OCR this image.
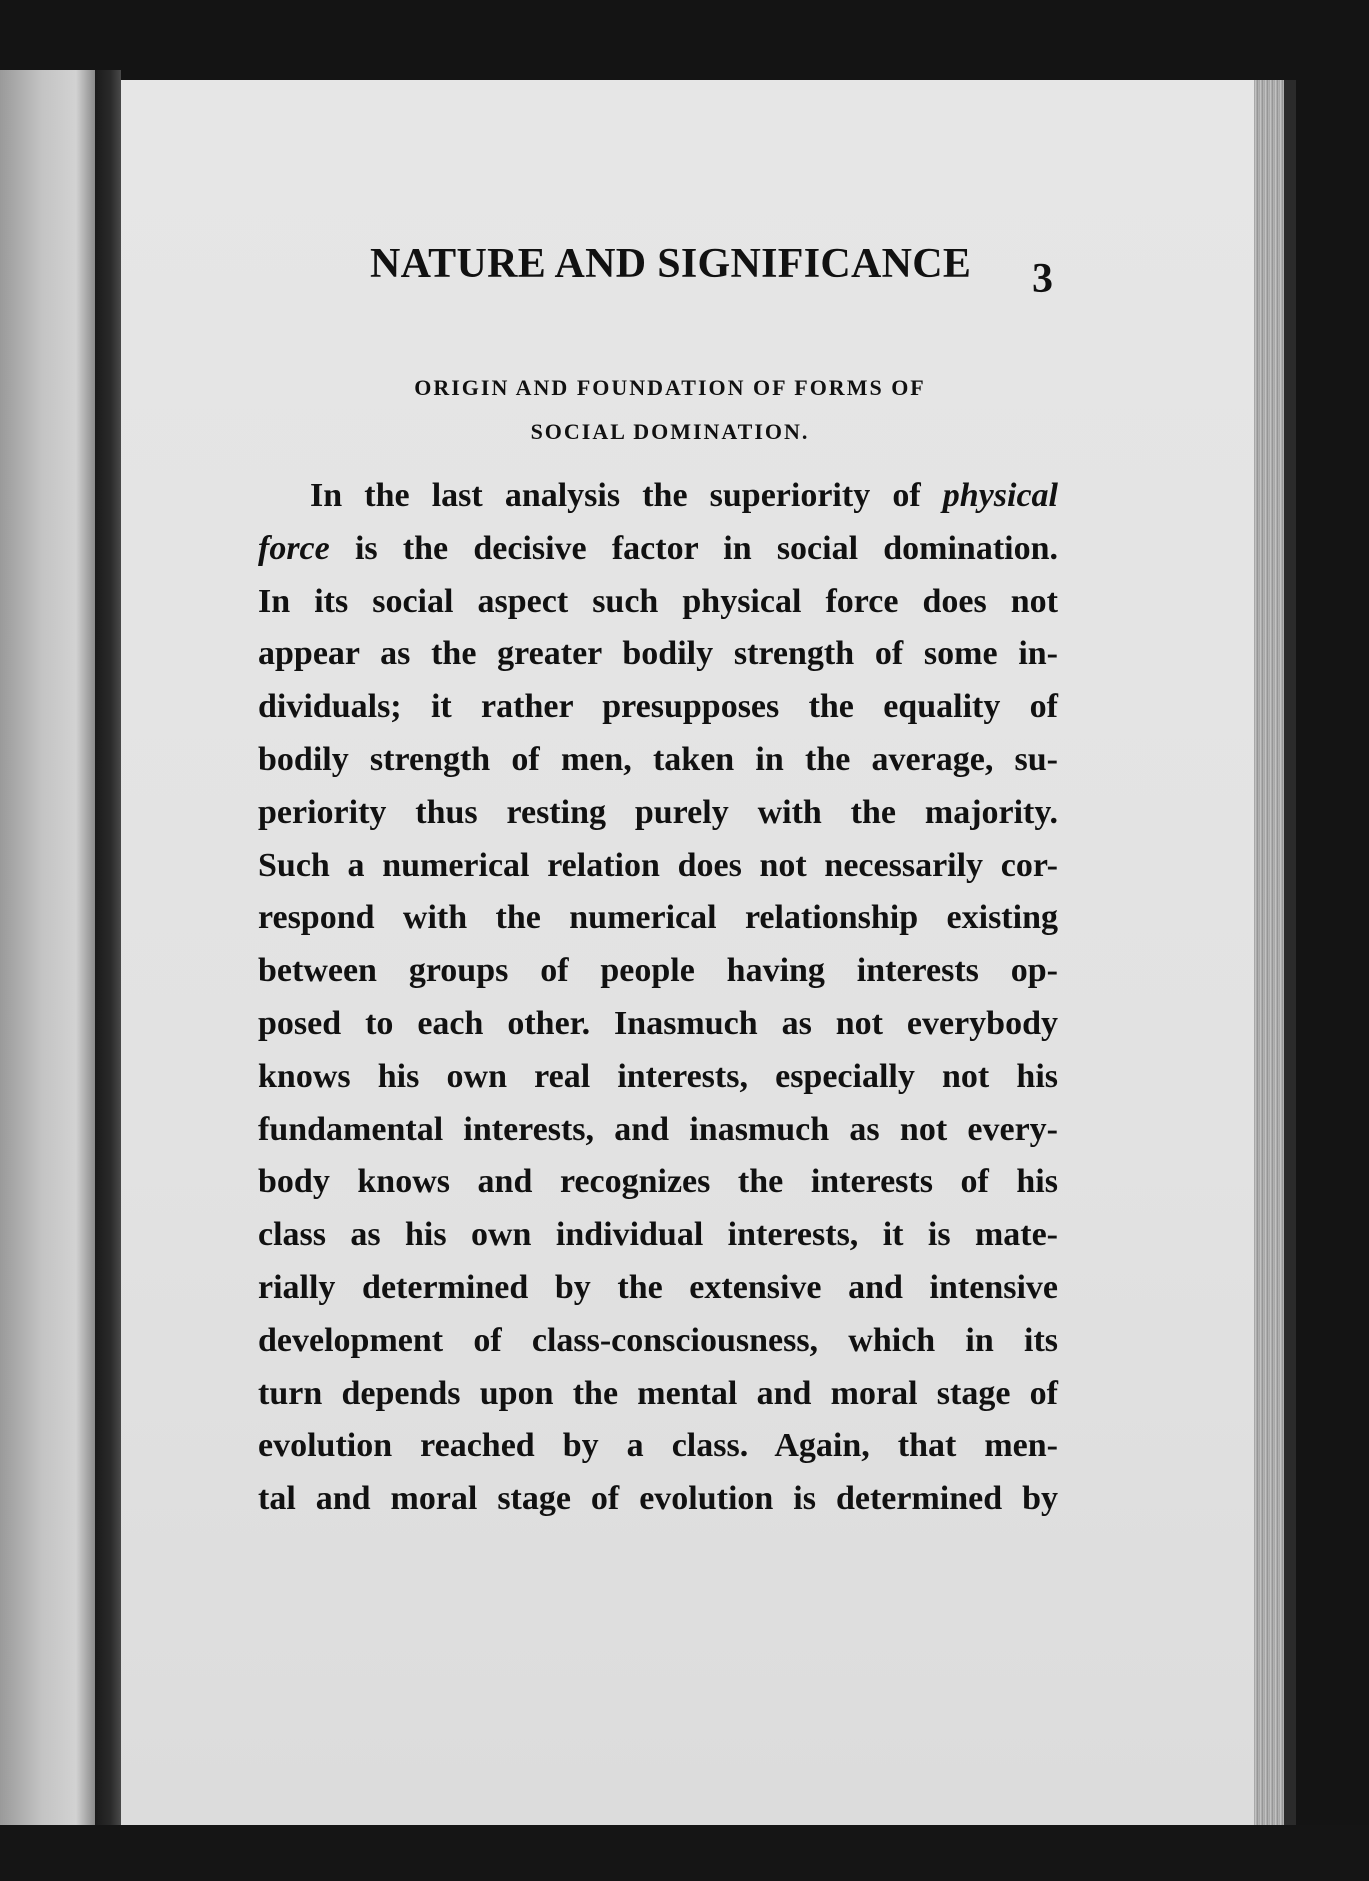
NATURE AND SIGNIFICANCE 3
ORIGIN AND FOUNDATION OF FORMS OF
SOCIAL DOMINATION.
In the last analysis the superiority of physical
force is the decisive factor in social domination.
In its social aspect such physical force does not
appear as the greater bodily strength of some in-
dividuals; it rather presupposes the equality of
bodily strength of men, taken in the average, su-
periority thus resting purely with the majority.
Such a numerical relation does not necessarily cor-
respond with the numerical relationship existing
between groups of people having interests op-
posed to each other. Inasmuch as not everybody
knows his own real interests, especially not his
fundamental interests, and inasmuch as not every-
body knows and recognizes the interests of his
class as his own individual interests, it is mate-
rially determined by the extensive and intensive
development of class-consciousness, which in its
turn depends upon the mental and moral stage of
evolution reached by a class. Again, that men-
tal and moral stage of evolution is determined by
